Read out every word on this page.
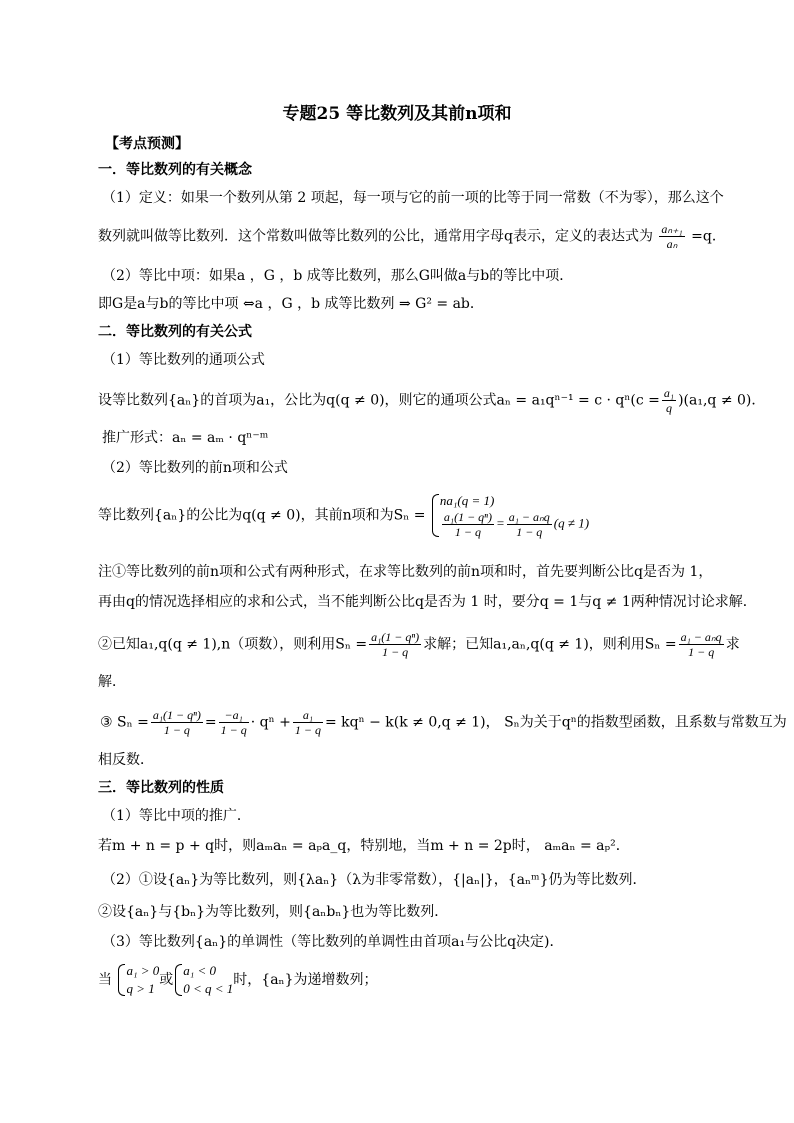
专题25 等比数列及其前n项和
【考点预测】
一．等比数列的有关概念
（1）定义：如果一个数列从第 2 项起，每一项与它的前一项的比等于同一常数（不为零），那么这个
数列就叫做等比数列．这个常数叫做等比数列的公比，通常用字母q表示，定义的表达式为 $\frac{\text{aₙ₊₁}}{\text{aₙ}} =q$．
（2）等比中项：如果a ，G ，b 成等比数列，那么G叫做a与b的等比中项．
即G是a与b的等比中项 ⇔a ，G ，b 成等比数列 ⇒ G² = ab．
二．等比数列的有关公式
（1）等比数列的通项公式
设等比数列{aₙ}的首项为a₁，公比为q(q ≠ 0)，则它的通项公式$a_n = a_1q^{n-1} = c \cdot q^n(c = \frac{\text{a₁}}{q} )(a_1,q \ne 0)$．
推广形式：aₙ = aₘ · qⁿ⁻ᵐ
（2）等比数列的前n项和公式
等比数列{aₙ}的公比为q(q ≠ 0)，其前n项和为Sₙ =
na₁(q = 1)
$\frac{\text{a₁(1 − qⁿ)}}{1 - q} = \frac{\text{a₁ − aₙq}}{1 - q} (q \ne 1)$
注①等比数列的前n项和公式有两种形式，在求等比数列的前n项和时，首先要判断公比q是否为 1，
再由q的情况选择相应的求和公式，当不能判断公比q是否为 1 时，要分q = 1与q ≠ 1两种情况讨论求解．
②已知a₁,q(q ≠ 1),n（项数），则利用$S_n = \frac{\text{a₁(1 − qⁿ)}}{1 - q}$ 求解；已知a₁,aₙ,q(q ≠ 1)，则利用$S_n = \frac{\text{a₁ − aₙq}}{1 - q}$ 求
解．
③ $S_n = \frac{\text{a₁(1 − qⁿ)}}{1 - q} = \frac{\text{−a₁}}{1 - q} \cdot q^n + \frac{\text{a₁}}{1 - q} = kq^n - k(k \ne 0,q \ne 1)$， Sₙ为关于qⁿ的指数型函数，且系数与常数互为
相反数．
三．等比数列的性质
（1）等比中项的推广．
若m + n = p + q时，则aₘaₙ = aₚa_q，特别地，当m + n = 2p时， aₘaₙ = aₚ²．
（2）①设{aₙ}为等比数列，则{λaₙ}（λ为非零常数），{|aₙ|}，{aₙᵐ}仍为等比数列．
②设{aₙ}与{bₙ}为等比数列，则{aₙbₙ}也为等比数列．
（3）等比数列{aₙ}的单调性（等比数列的单调性由首项a₁与公比q决定)．
当
a₁ > 0
q > 1
或
a₁ < 0
0 < q < 1
时，{aₙ}为递增数列；
